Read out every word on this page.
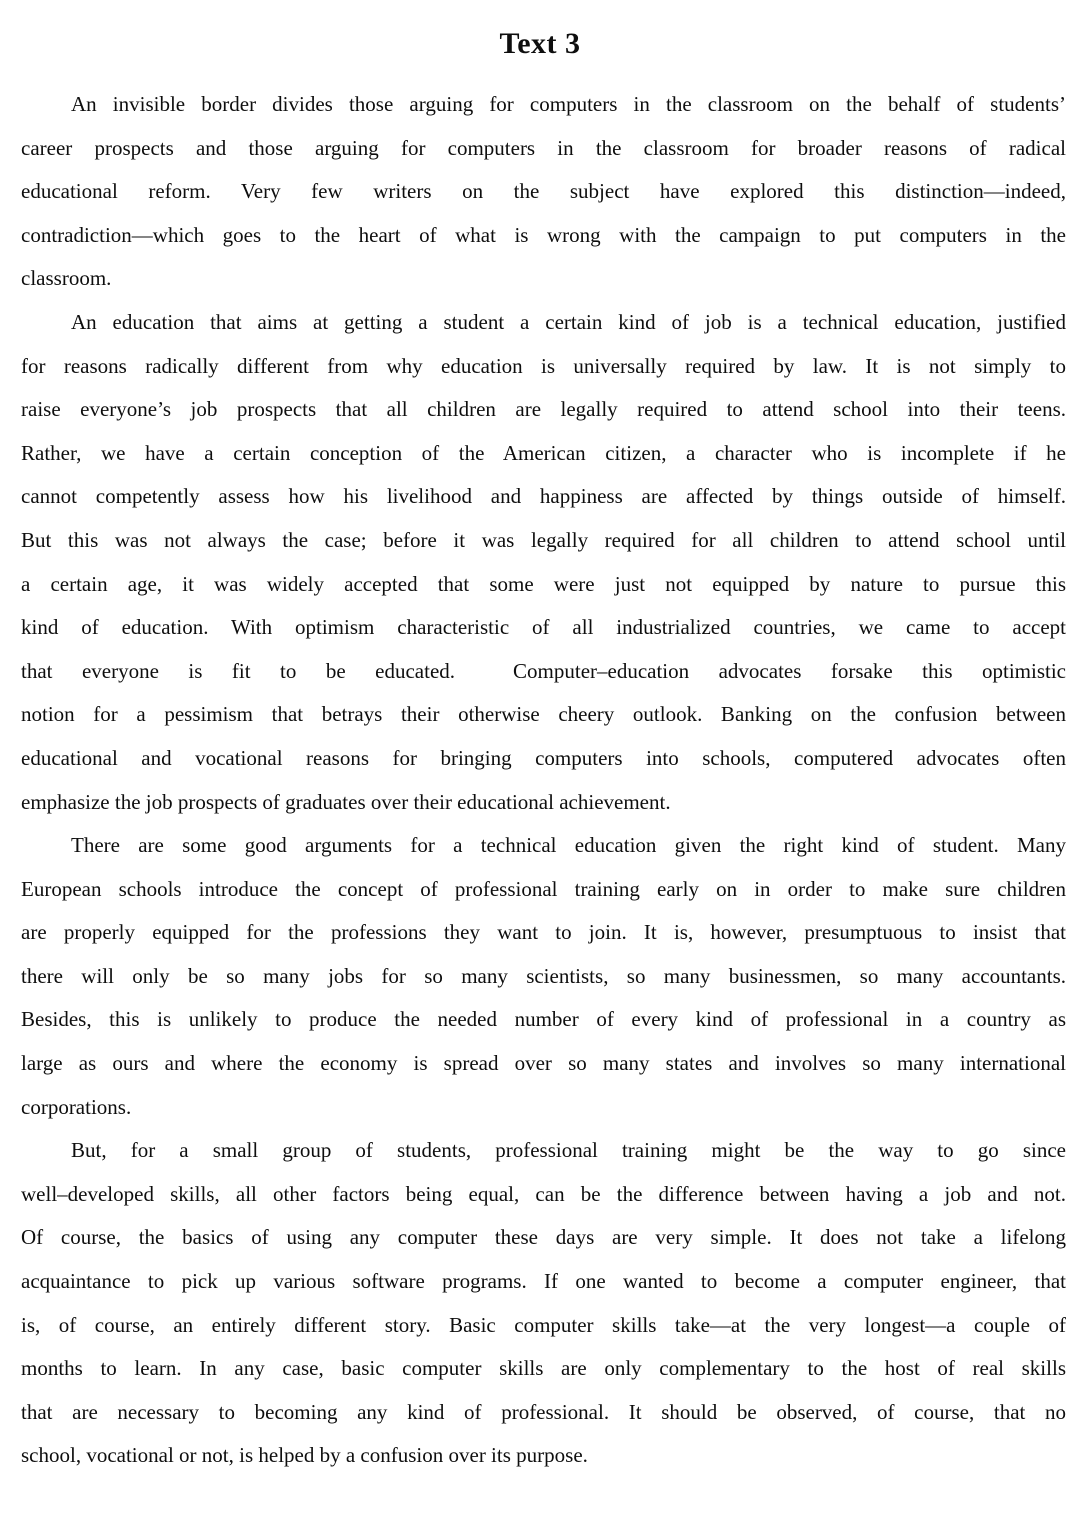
Text 3
An invisible border divides those arguing for computers in the classroom on the behalf of students’
career prospects and those arguing for computers in the classroom for broader reasons of radical
educational reform. Very few writers on the subject have explored this distinction—indeed,
contradiction—which goes to the heart of what is wrong with the campaign to put computers in the
classroom.
An education that aims at getting a student a certain kind of job is a technical education, justified
for reasons radically different from why education is universally required by law. It is not simply to
raise everyone’s job prospects that all children are legally required to attend school into their teens.
Rather, we have a certain conception of the American citizen, a character who is incomplete if he
cannot competently assess how his livelihood and happiness are affected by things outside of himself.
But this was not always the case; before it was legally required for all children to attend school until
a certain age, it was widely accepted that some were just not equipped by nature to pursue this
kind of education. With optimism characteristic of all industrialized countries, we came to accept
that everyone is fit to be educated.	Computer–education advocates forsake this optimistic
notion for a pessimism that betrays their otherwise cheery outlook. Banking on the confusion between
educational and vocational reasons for bringing computers into schools, computered advocates often
emphasize the job prospects of graduates over their educational achievement.
There are some good arguments for a technical education given the right kind of student. Many
European schools introduce the concept of professional training early on in order to make sure children
are properly equipped for the professions they want to join. It is, however, presumptuous to insist that
there will only be so many jobs for so many scientists, so many businessmen, so many accountants.
Besides, this is unlikely to produce the needed number of every kind of professional in a country as
large as ours and where the economy is spread over so many states and involves so many international
corporations.
But, for a small group of students, professional training might be the way to go since
well–developed skills, all other factors being equal, can be the difference between having a job and not.
Of course, the basics of using any computer these days are very simple. It does not take a lifelong
acquaintance to pick up various software programs. If one wanted to become a computer engineer, that
is, of course, an entirely different story. Basic computer skills take—at the very longest—a couple of
months to learn. In any case, basic computer skills are only complementary to the host of real skills
that are necessary to becoming any kind of professional. It should be observed, of course, that no
school, vocational or not, is helped by a confusion over its purpose.
